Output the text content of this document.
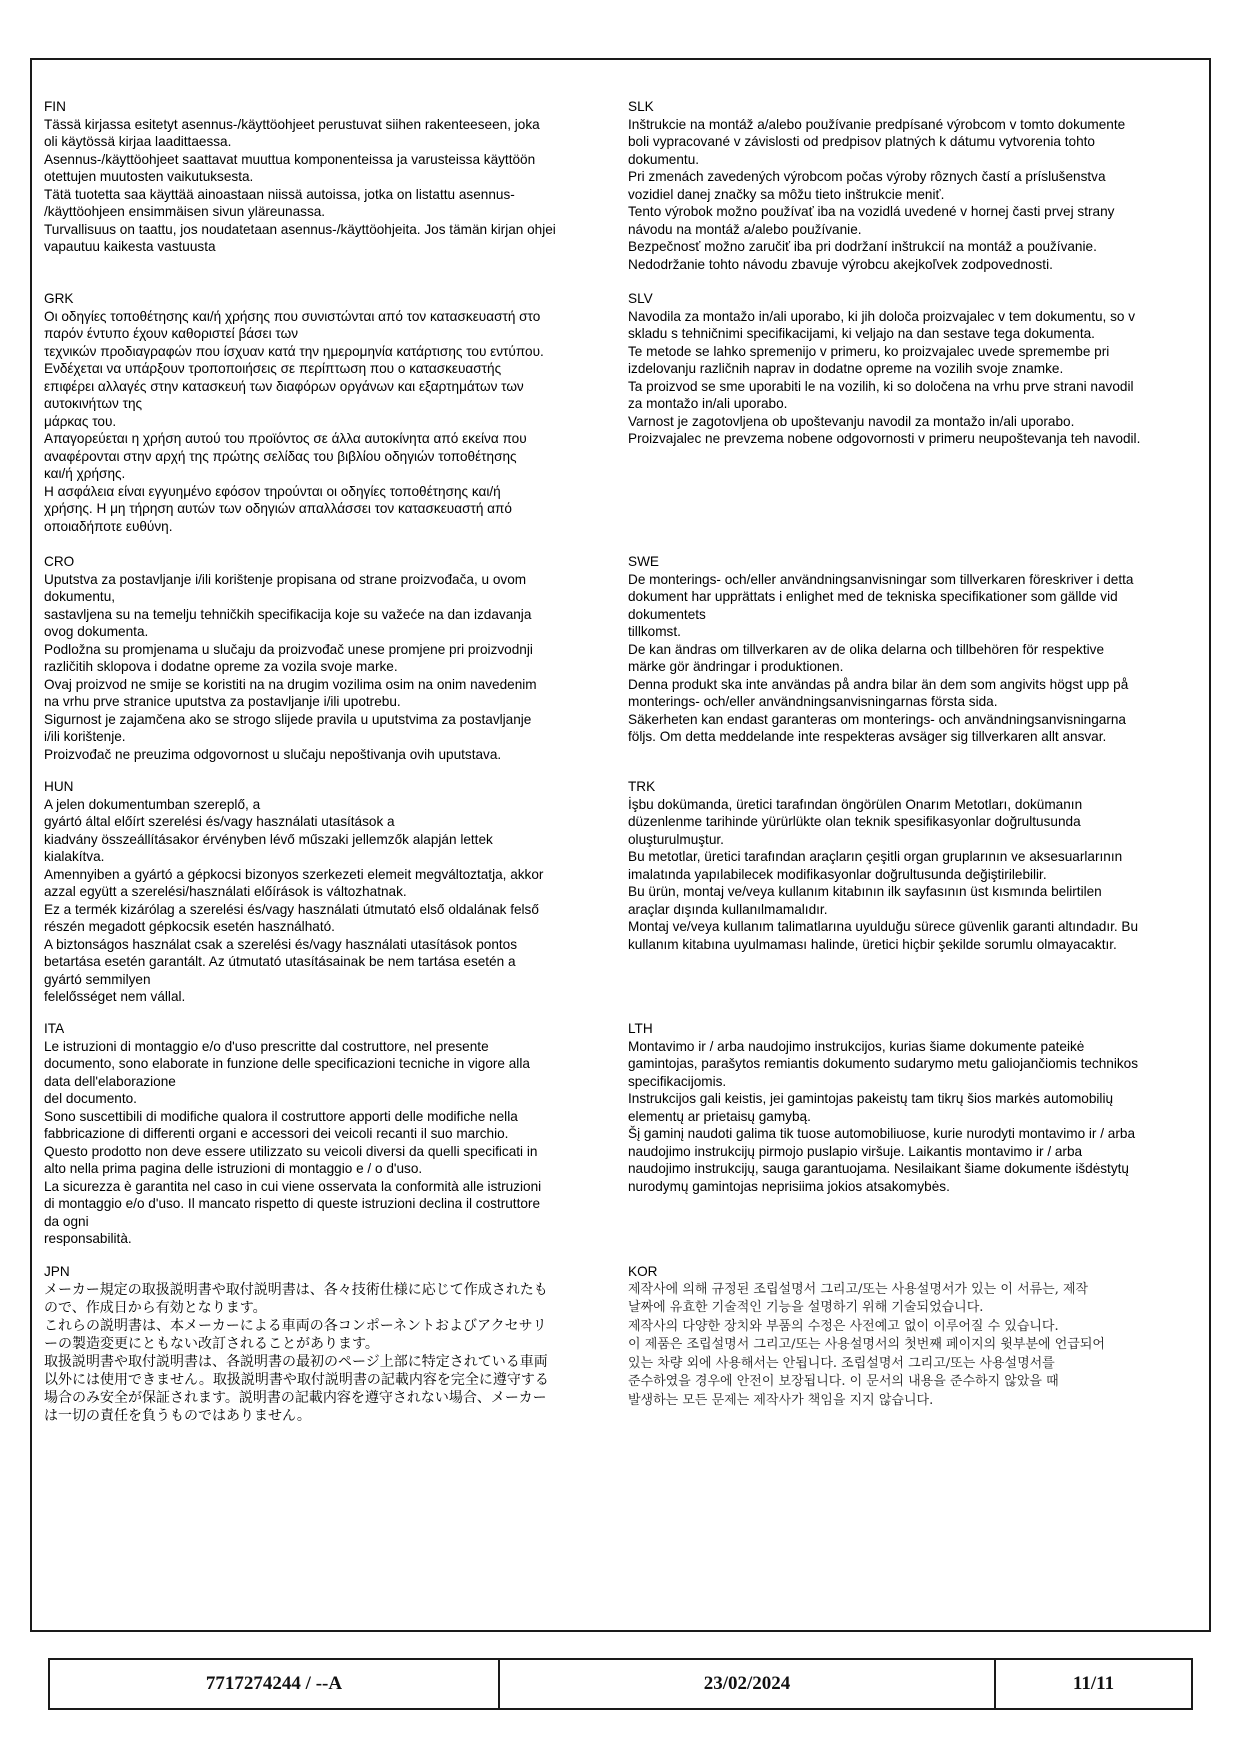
FIN
Tässä kirjassa esitetyt asennus-/käyttöohjeet perustuvat siihen rakenteeseen, joka
oli käytössä kirjaa laadittaessa.
Asennus-/käyttöohjeet saattavat muuttua komponenteissa ja varusteissa käyttöön
otettujen muutosten vaikutuksesta.
Tätä tuotetta saa käyttää ainoastaan niissä autoissa, jotka on listattu asennus-
/käyttöohjeen ensimmäisen sivun yläreunassa.
Turvallisuus on taattu, jos noudatetaan asennus-/käyttöohjeita. Jos tämän kirjan ohjei
vapautuu kaikesta vastuusta
GRK
Οι οδηγίες τοποθέτησης και/ή χρήσης που συνιστώνται από τον κατασκευαστή στο
παρόν έντυπο έχουν καθοριστεί βάσει των
τεχνικών προδιαγραφών που ίσχυαν κατά την ημερομηνία κατάρτισης του εντύπου.
Ενδέχεται να υπάρξουν τροποποιήσεις σε περίπτωση που ο κατασκευαστής
επιφέρει αλλαγές στην κατασκευή των διαφόρων οργάνων και εξαρτημάτων των
αυτοκινήτων της
μάρκας του.
Απαγορεύεται η χρήση αυτού του προϊόντος σε άλλα αυτοκίνητα από εκείνα που
αναφέρονται στην αρχή της πρώτης σελίδας του βιβλίου οδηγιών τοποθέτησης
και/ή χρήσης.
Η ασφάλεια είναι εγγυημένο εφόσον τηρούνται οι οδηγίες τοποθέτησης και/ή
χρήσης. Η μη τήρηση αυτών των οδηγιών απαλλάσσει τον κατασκευαστή από
οποιαδήποτε ευθύνη.
CRO
Uputstva za postavljanje i/ili korištenje propisana od strane proizvođača, u ovom
dokumentu,
sastavljena su na temelju tehničkih specifikacija koje su važeće na dan izdavanja
ovog dokumenta.
Podložna su promjenama u slučaju da proizvođač unese promjene pri proizvodnji
različitih sklopova i dodatne opreme za vozila svoje marke.
Ovaj proizvod ne smije se koristiti na na drugim vozilima osim na onim navedenim
na vrhu prve stranice uputstva za postavljanje i/ili upotrebu.
Sigurnost je zajamčena ako se strogo slijede pravila u uputstvima za postavljanje
i/ili korištenje.
Proizvođač ne preuzima odgovornost u slučaju nepoštivanja ovih uputstava.
HUN
A jelen dokumentumban szereplő, a
gyártó által előírt szerelési és/vagy használati utasítások a
kiadvány összeállításakor érvényben lévő műszaki jellemzők alapján lettek
kialakítva.
Amennyiben a gyártó a gépkocsi bizonyos szerkezeti elemeit megváltoztatja, akkor
azzal együtt a szerelési/használati előírások is változhatnak.
Ez a termék kizárólag a szerelési és/vagy használati útmutató első oldalának felső
részén megadott gépkocsik esetén használható.
A biztonságos használat csak a szerelési és/vagy használati utasítások pontos
betartása esetén garantált. Az útmutató utasításainak be nem tartása esetén a
gyártó semmilyen
felelősséget nem vállal.
ITA
Le istruzioni di montaggio e/o d'uso prescritte dal costruttore, nel presente
documento, sono elaborate in funzione delle specificazioni tecniche in vigore alla
data dell'elaborazione
del documento.
Sono suscettibili di modifiche qualora il costruttore apporti delle modifiche nella
fabbricazione di differenti organi e accessori dei veicoli recanti il suo marchio.
Questo prodotto non deve essere utilizzato su veicoli diversi da quelli specificati in
alto nella prima pagina delle istruzioni di montaggio e / o d'uso.
La sicurezza è garantita nel caso in cui viene osservata la conformità alle istruzioni
di montaggio e/o d'uso. Il mancato rispetto di queste istruzioni declina il costruttore
da ogni
responsabilità.
JPN
メーカー規定の取扱説明書や取付説明書は、各々技術仕様に応じて作成されたも
ので、作成日から有効となります。
これらの説明書は、本メーカーによる車両の各コンポーネントおよびアクセサリ
ーの製造変更にともない改訂されることがあります。
取扱説明書や取付説明書は、各説明書の最初のページ上部に特定されている車両
以外には使用できません。取扱説明書や取付説明書の記載内容を完全に遵守する
場合のみ安全が保証されます。説明書の記載内容を遵守されない場合、メーカー
は一切の責任を負うものではありません。
SLK
Inštrukcie na montáž a/alebo používanie predpísané výrobcom v tomto dokumente
boli vypracované v závislosti od predpisov platných k dátumu vytvorenia tohto
dokumentu.
Pri zmenách zavedených výrobcom počas výroby rôznych častí a príslušenstva
vozidiel danej značky sa môžu tieto inštrukcie meniť.
Tento výrobok možno používať iba na vozidlá uvedené v hornej časti prvej strany
návodu na montáž a/alebo používanie.
Bezpečnosť možno zaručiť iba pri dodržaní inštrukcií na montáž a používanie.
Nedodržanie tohto návodu zbavuje výrobcu akejkoľvek zodpovednosti.
SLV
Navodila za montažo in/ali uporabo, ki jih določa proizvajalec v tem dokumentu, so v
skladu s tehničnimi specifikacijami, ki veljajo na dan sestave tega dokumenta.
Te metode se lahko spremenijo v primeru, ko proizvajalec uvede spremembe pri
izdelovanju različnih naprav in dodatne opreme na vozilih svoje znamke.
Ta proizvod se sme uporabiti le na vozilih, ki so določena na vrhu prve strani navodil
za montažo in/ali uporabo.
Varnost je zagotovljena ob upoštevanju navodil za montažo in/ali uporabo.
Proizvajalec ne prevzema nobene odgovornosti v primeru neupoštevanja teh navodil.
SWE
De monterings- och/eller användningsanvisningar som tillverkaren föreskriver i detta
dokument har upprättats i enlighet med de tekniska specifikationer som gällde vid
dokumentets
tillkomst.
De kan ändras om tillverkaren av de olika delarna och tillbehören för respektive
märke gör ändringar i produktionen.
Denna produkt ska inte användas på andra bilar än dem som angivits högst upp på
monterings- och/eller användningsanvisningarnas första sida.
Säkerheten kan endast garanteras om monterings- och användningsanvisningarna
följs. Om detta meddelande inte respekteras avsäger sig tillverkaren allt ansvar.
TRK
İşbu dokümanda, üretici tarafından öngörülen Onarım Metotları, dokümanın
düzenlenme tarihinde yürürlükte olan teknik spesifikasyonlar doğrultusunda
oluşturulmuştur.
Bu metotlar, üretici tarafından araçların çeşitli organ gruplarının ve aksesuarlarının
imalatında yapılabilecek modifikasyonlar doğrultusunda değiştirilebilir.
Bu ürün, montaj ve/veya kullanım kitabının ilk sayfasının üst kısmında belirtilen
araçlar dışında kullanılmamalıdır.
Montaj ve/veya kullanım talimatlarına uyulduğu sürece güvenlik garanti altındadır. Bu
kullanım kitabına uyulmaması halinde, üretici hiçbir şekilde sorumlu olmayacaktır.
LTH
Montavimo ir / arba naudojimo instrukcijos, kurias šiame dokumente pateikė
gamintojas, parašytos remiantis dokumento sudarymo metu galiojančiomis technikos
specifikacijomis.
Instrukcijos gali keistis, jei gamintojas pakeistų tam tikrų šios markės automobilių
elementų ar prietaisų gamybą.
Šį gaminį naudoti galima tik tuose automobiliuose, kurie nurodyti montavimo ir / arba
naudojimo instrukcijų pirmojo puslapio viršuje. Laikantis montavimo ir / arba
naudojimo instrukcijų, sauga garantuojama. Nesilaikant šiame dokumente išdėstytų
nurodymų gamintojas neprisiima jokios atsakomybės.
KOR
제작사에 의해 규정된 조립설명서 그리고/또는 사용설명서가 있는 이 서류는, 제작
날짜에 유효한 기술적인 기능을 설명하기 위해 기술되었습니다.
제작사의 다양한 장치와 부품의 수정은 사전예고 없이 이루어질 수 있습니다.
이 제품은 조립설명서 그리고/또는 사용설명서의 첫번째 페이지의 윗부분에 언급되어
있는 차량 외에 사용해서는 안됩니다. 조립설명서 그리고/또는 사용설명서를
준수하였을 경우에 안전이 보장됩니다. 이 문서의 내용을 준수하지 않았을 때
발생하는 모든 문제는 제작사가 책임을 지지 않습니다.
7717274244 / --A	23/02/2024	11/11
